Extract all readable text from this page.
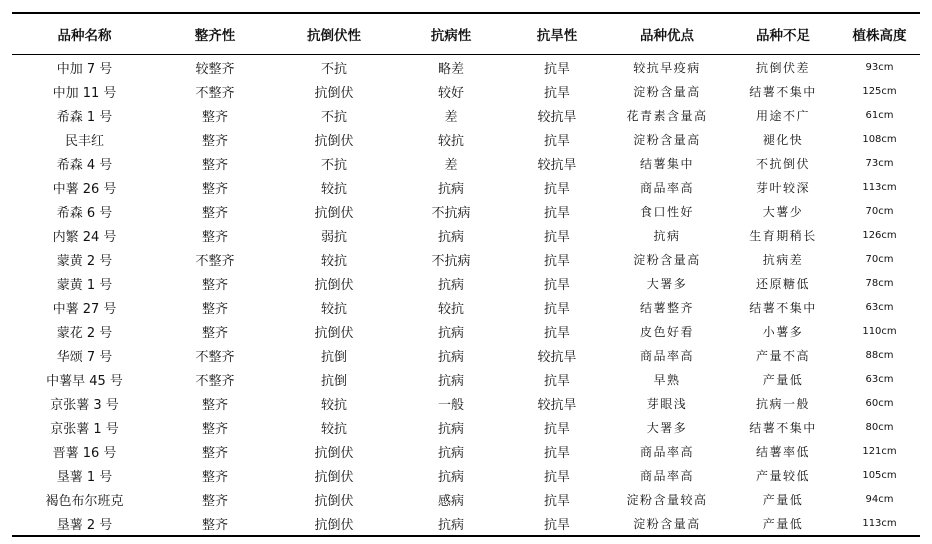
品种名称	整齐性	抗倒伏性	抗病性	抗旱性	品种优点	品种不足	植株高度
中加 7 号	较整齐	不抗	略差	抗旱	较抗早疫病	抗倒伏差	93cm
中加 11 号	不整齐	抗倒伏	较好	抗旱	淀粉含量高	结薯不集中	125cm
希森 1 号	整齐	不抗	差	较抗旱	花青素含量高	用途不广	61cm
民丰红	整齐	抗倒伏	较抗	抗旱	淀粉含量高	褪化快	108cm
希森 4 号	整齐	不抗	差	较抗旱	结薯集中	不抗倒伏	73cm
中薯 26 号	整齐	较抗	抗病	抗旱	商品率高	芽叶较深	113cm
希森 6 号	整齐	抗倒伏	不抗病	抗旱	食口性好	大薯少	70cm
内繁 24 号	整齐	弱抗	抗病	抗旱	抗病	生育期稍长	126cm
蒙黄 2 号	不整齐	较抗	不抗病	抗旱	淀粉含量高	抗病差	70cm
蒙黄 1 号	整齐	抗倒伏	抗病	抗旱	大署多	还原糖低	78cm
中薯 27 号	整齐	较抗	较抗	抗旱	结薯整齐	结薯不集中	63cm
蒙花 2 号	整齐	抗倒伏	抗病	抗旱	皮色好看	小薯多	110cm
华颂 7 号	不整齐	抗倒	抗病	较抗旱	商品率高	产量不高	88cm
中薯早 45 号	不整齐	抗倒	抗病	抗旱	早熟	产量低	63cm
京张薯 3 号	整齐	较抗	一般	较抗旱	芽眼浅	抗病一般	60cm
京张薯 1 号	整齐	较抗	抗病	抗旱	大署多	结薯不集中	80cm
晋薯 16 号	整齐	抗倒伏	抗病	抗旱	商品率高	结薯率低	121cm
垦薯 1 号	整齐	抗倒伏	抗病	抗旱	商品率高	产量较低	105cm
褐色布尔班克	整齐	抗倒伏	感病	抗旱	淀粉含量较高	产量低	94cm
垦薯 2 号	整齐	抗倒伏	抗病	抗旱	淀粉含量高	产量低	113cm
